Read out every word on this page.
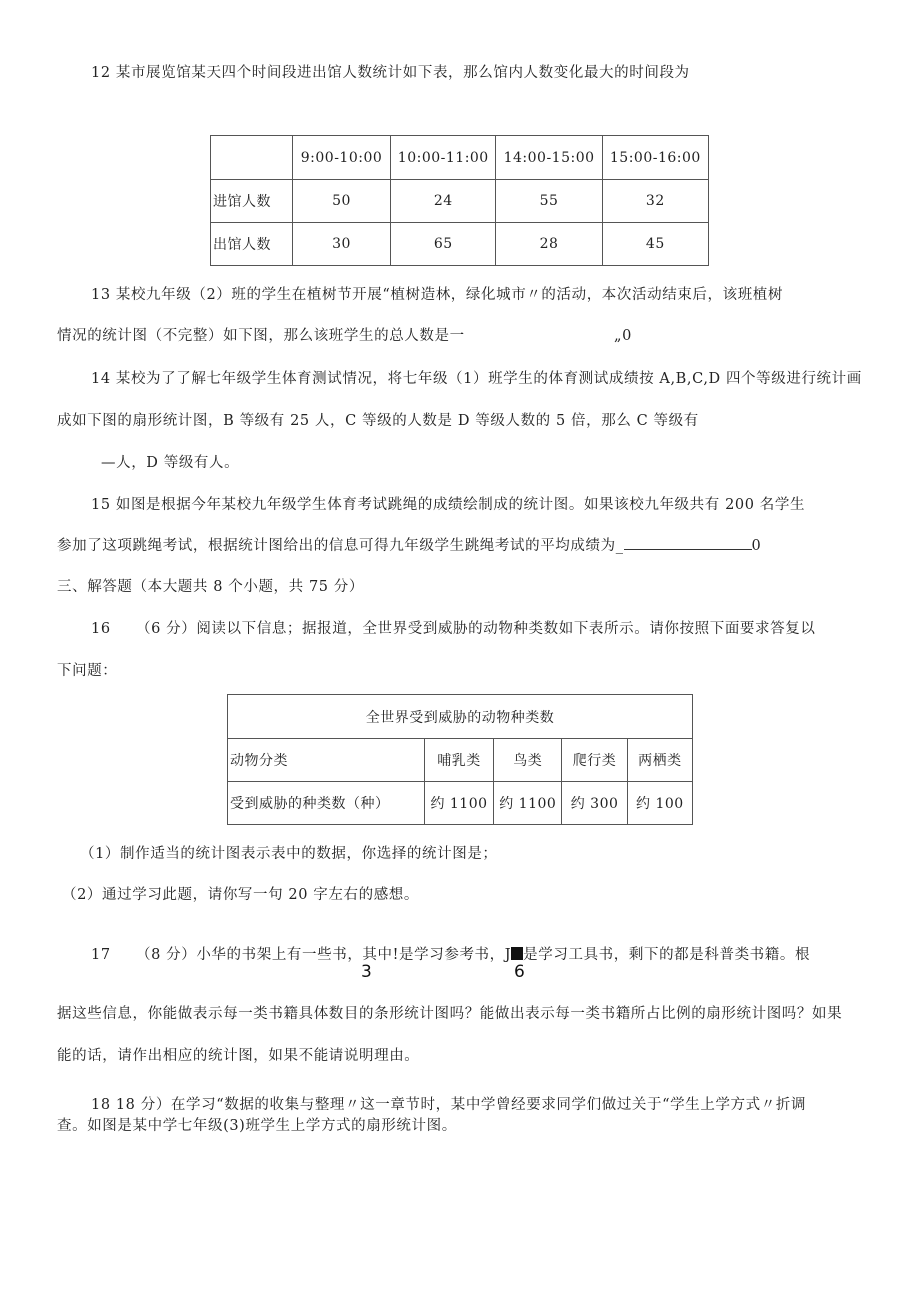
12 某市展览馆某天四个时间段进出馆人数统计如下表，那么馆内人数变化最大的时间段为
	9:00-10:00	10:00-11:00	14:00-15:00	15:00-16:00
进馆人数	50	24	55	32
出馆人数	30	65	28	45
13 某校九年级（2）班的学生在植树节开展“植树造林，绿化城市〃的活动，本次活动结束后，该班植树
情况的统计图（不完整）如下图，那么该班学生的总人数是一	„0
14 某校为了了解七年级学生体育测试情况，将七年级（1）班学生的体育测试成绩按 A,B,C,D 四个等级进行统计画
成如下图的扇形统计图，B 等级有 25 人，C 等级的人数是 D 等级人数的 5 倍，那么 C 等级有
—人，D 等级有人。
15 如图是根据今年某校九年级学生体育考试跳绳的成绩绘制成的统计图。如果该校九年级共有 200 名学生
参加了这项跳绳考试，根据统计图给出的信息可得九年级学生跳绳考试的平均成绩为_	0
三、解答题（本大题共 8 个小题，共 75 分）
16 （6 分）阅读以下信息；据报道，全世界受到威胁的动物种类数如下表所示。请你按照下面要求答复以
下问题：
全世界受到威胁的动物种类数				
动物分类	哺乳类	鸟类	爬行类	两栖类
受到威胁的种类数（种）	约 1100	约 1100	约 300	约 100
（1）制作适当的统计图表示表中的数据，你选择的统计图是；
（2）通过学习此题，请你写一句 20 字左右的感想。
17 （8 分）小华的书架上有一些书，其中!是学习参考书，J 是学习工具书，剩下的都是科普类书籍。根
3	6
据这些信息，你能做表示每一类书籍具体数目的条形统计图吗？能做出表示每一类书籍所占比例的扇形统计图吗？如果
能的话，请作出相应的统计图，如果不能请说明理由。
18 18 分）在学习“数据的收集与整理〃这一章节时，某中学曾经要求同学们做过关于“学生上学方式〃折调
查。如图是某中学七年级(3)班学生上学方式的扇形统计图。
